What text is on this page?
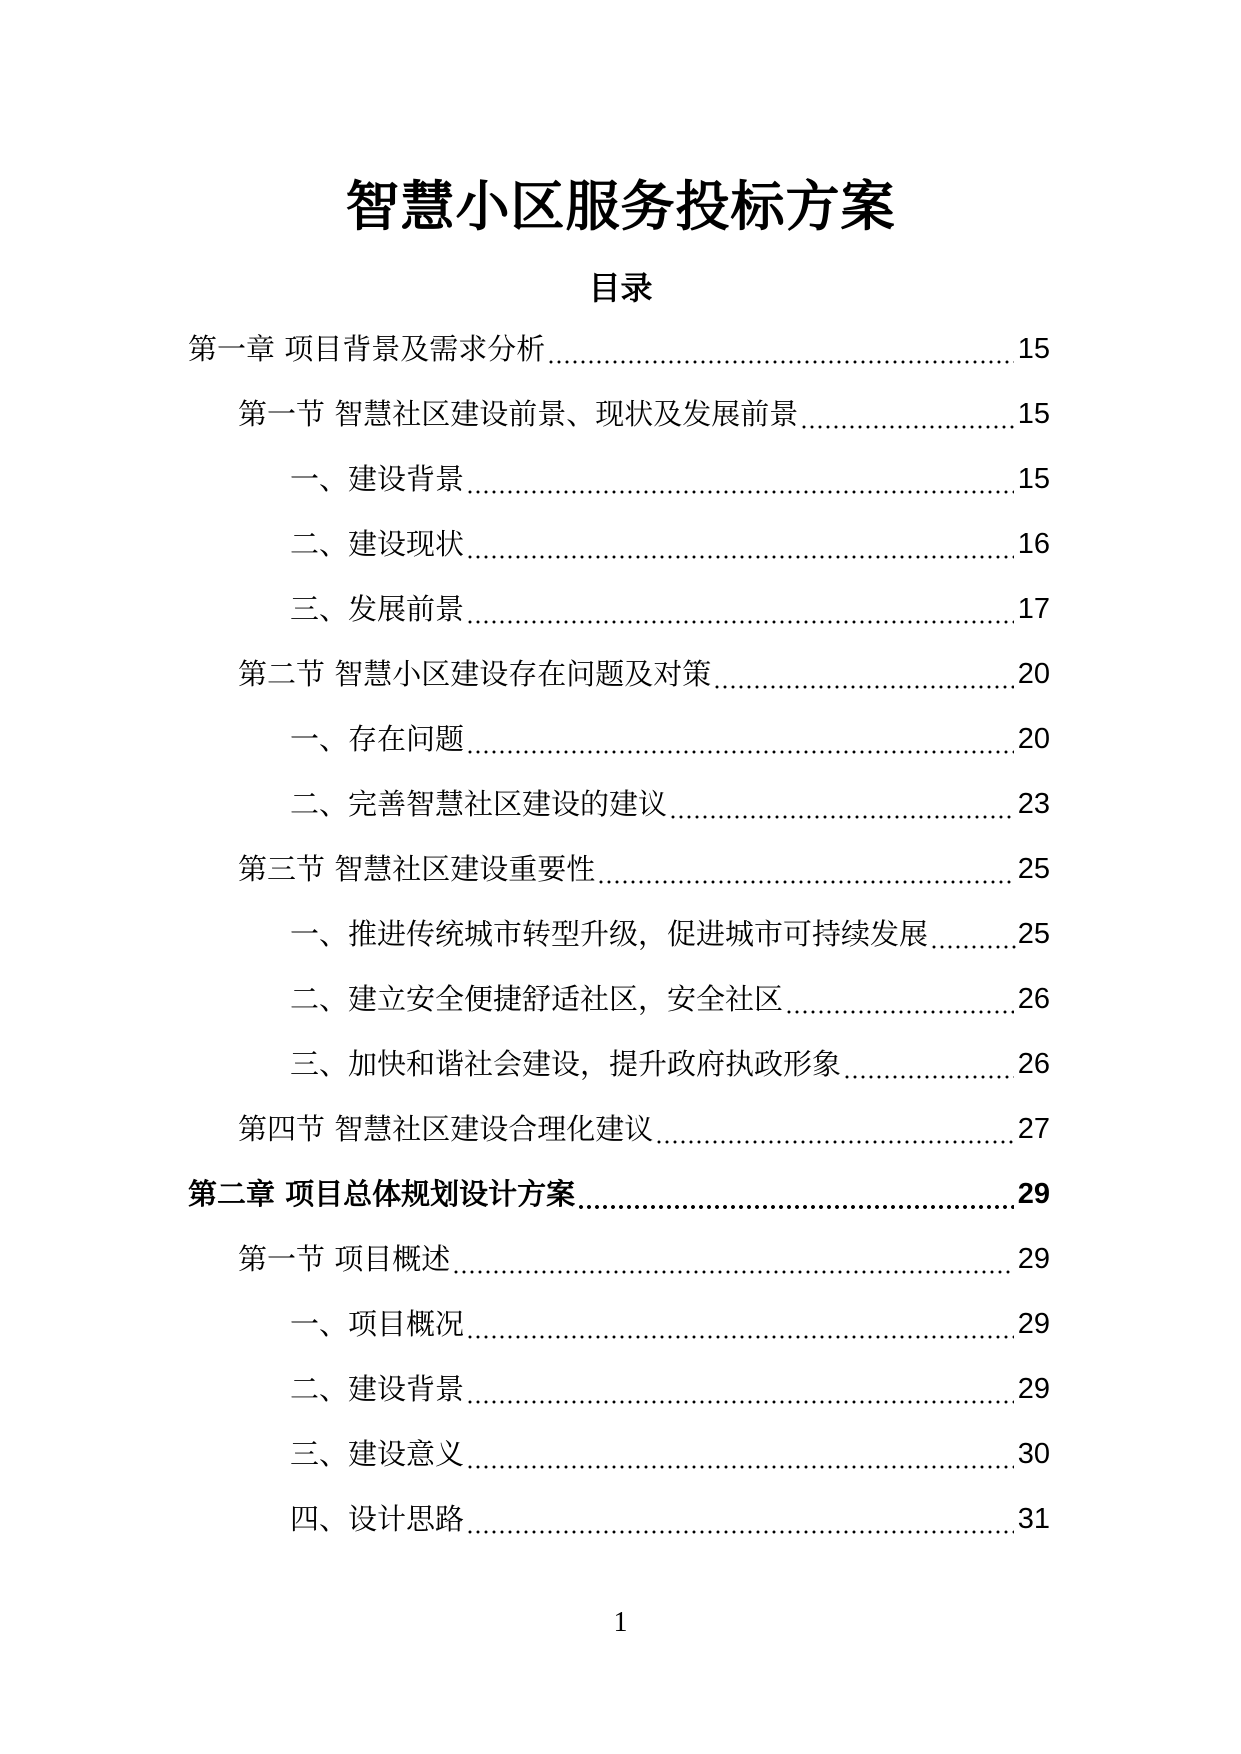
智慧小区服务投标方案
目录
第一章 项目背景及需求分析	15
第一节 智慧社区建设前景、现状及发展前景	15
一、建设背景	15
二、建设现状	16
三、发展前景	17
第二节 智慧小区建设存在问题及对策	20
一、存在问题	20
二、完善智慧社区建设的建议	23
第三节 智慧社区建设重要性	25
一、推进传统城市转型升级，促进城市可持续发展	25
二、建立安全便捷舒适社区，安全社区	26
三、加快和谐社会建设，提升政府执政形象	26
第四节 智慧社区建设合理化建议	27
第二章 项目总体规划设计方案	29
第一节 项目概述	29
一、项目概况	29
二、建设背景	29
三、建设意义	30
四、设计思路	31
1
